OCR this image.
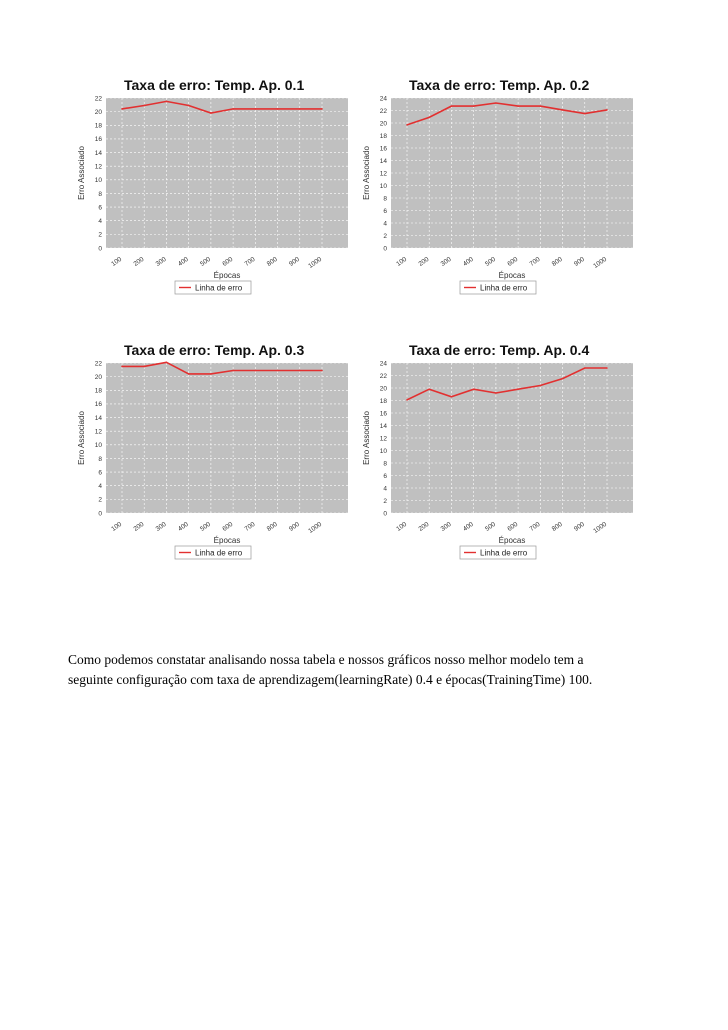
Taxa de erro: Temp. Ap. 0.1
0
2
4
6
8
10
12
14
16
18
20
22
100 200 300 400 500 600 700 800 900 1000
Erro Associado
Épocas
Linha de erro
Taxa de erro: Temp. Ap. 0.2
0
2
4
6
8
10
12
14
16
18
20
22
24
100 200 300 400 500 600 700 800 900 1000
Erro Associado
Épocas
Linha de erro
Taxa de erro: Temp. Ap. 0.3
0
2
4
6
8
10
12
14
16
18
20
22
100 200 300 400 500 600 700 800 900 1000
Erro Associado
Épocas
Linha de erro
Taxa de erro: Temp. Ap. 0.4
0
2
4
6
8
10
12
14
16
18
20
22
24
100 200 300 400 500 600 700 800 900 1000
Erro Associado
Épocas
Linha de erro

Como podemos constatar analisando nossa tabela e nossos gráficos nosso melhor modelo tem a
seguinte configuração com taxa de aprendizagem(learningRate) 0.4 e épocas(TrainingTime) 100.
